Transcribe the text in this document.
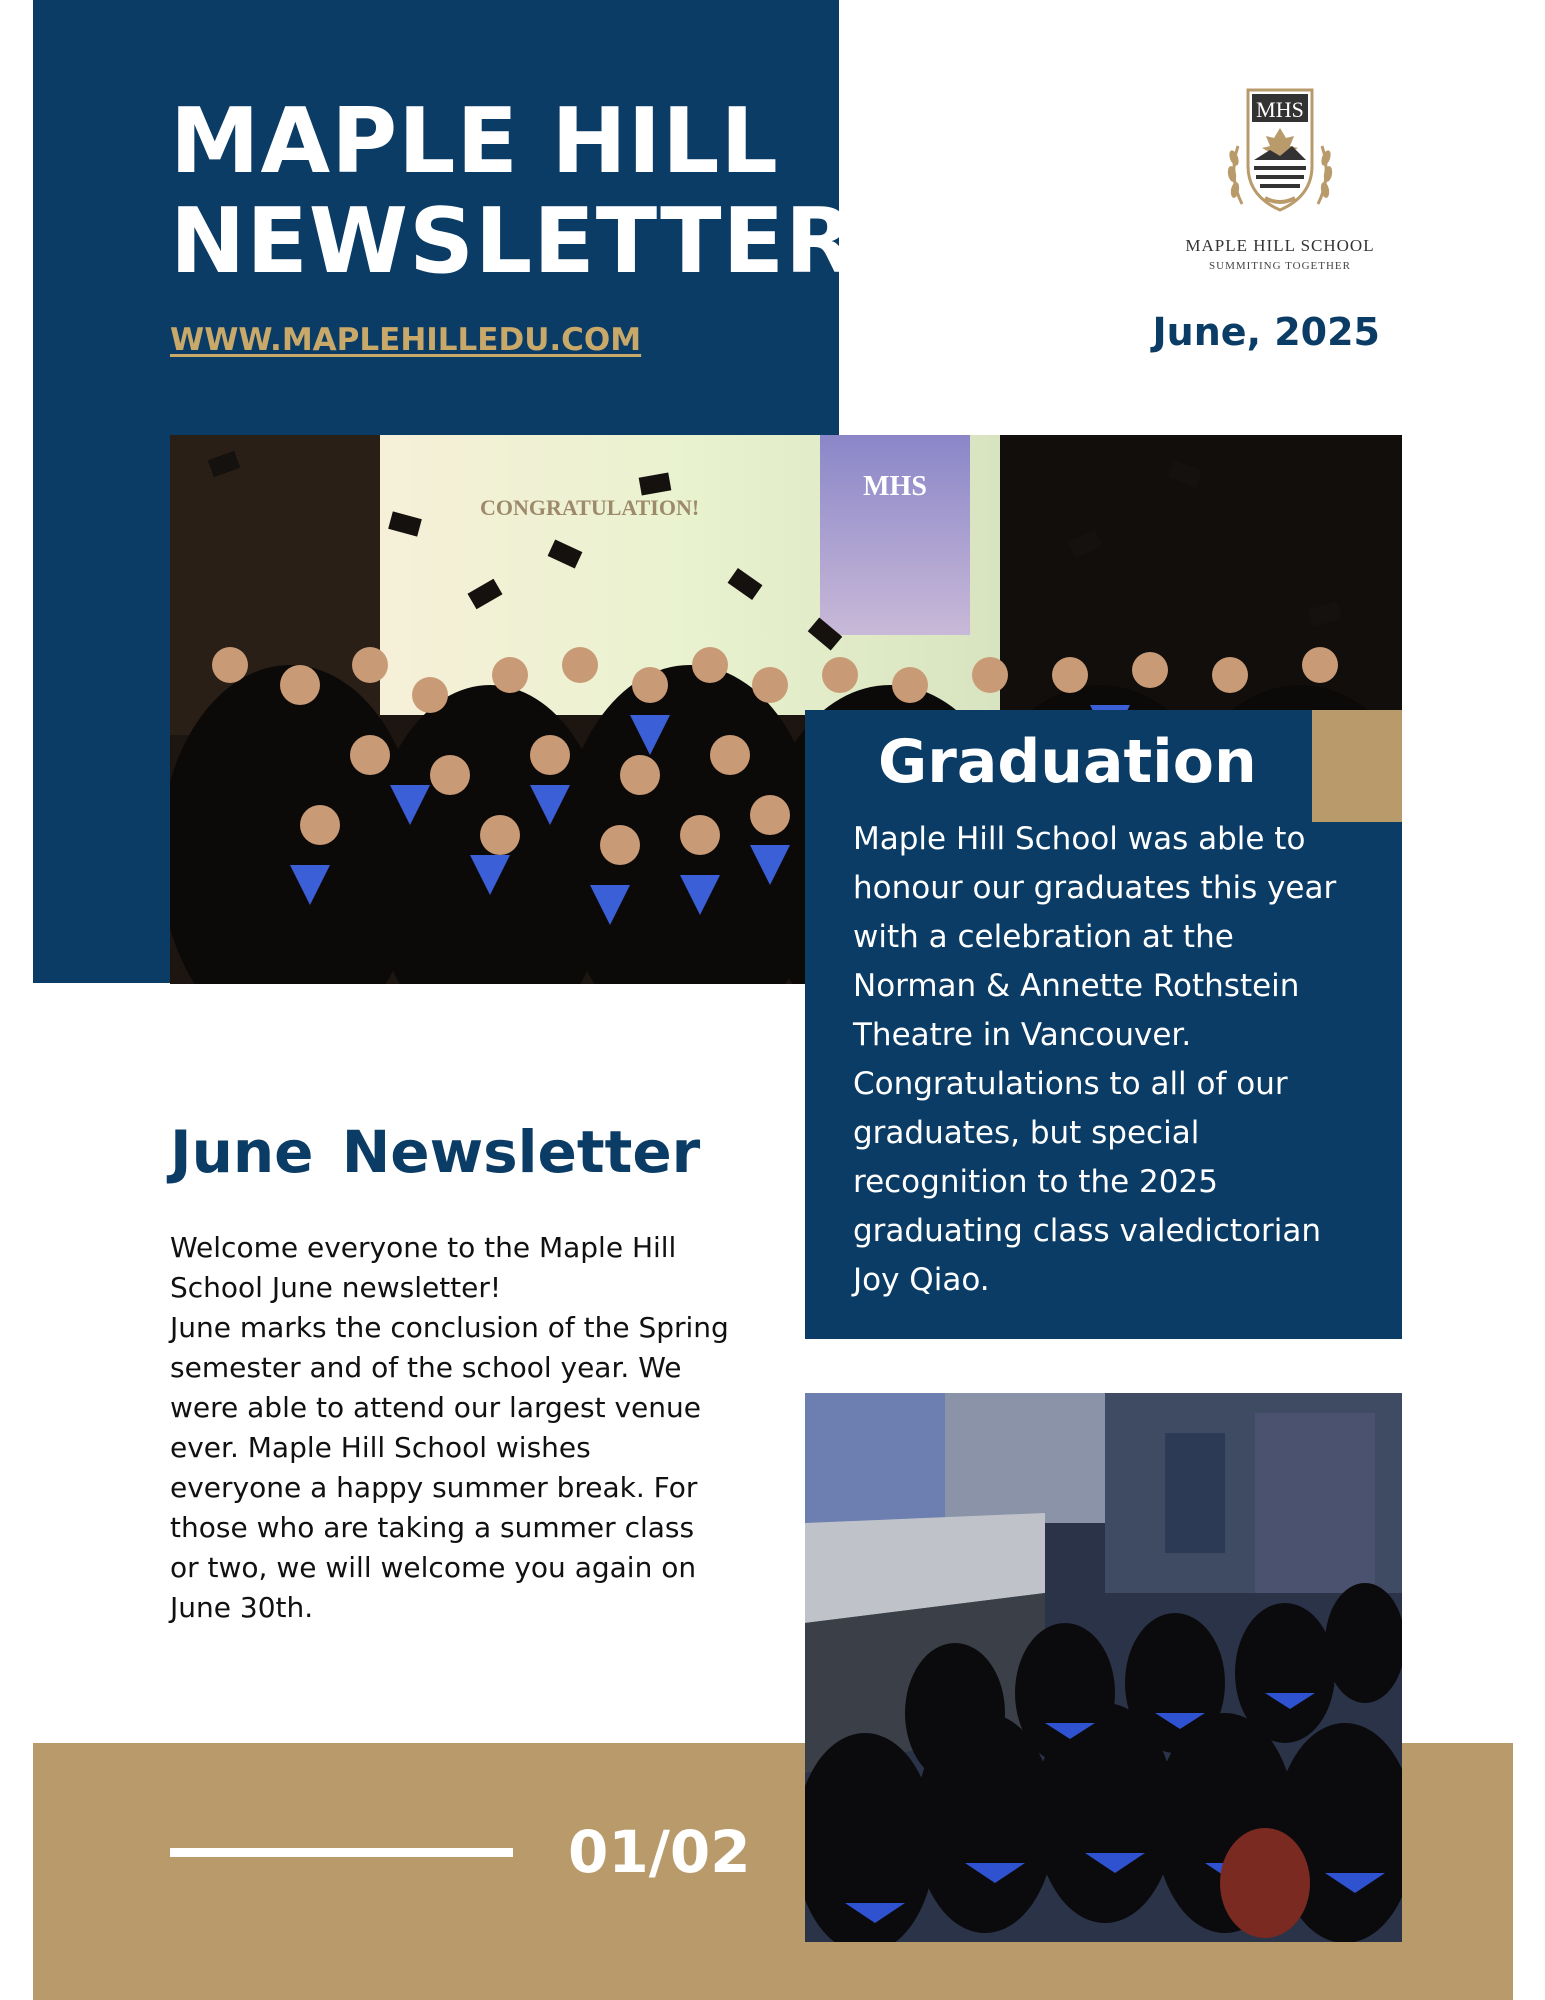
MAPLE HILL
NEWSLETTER
WWW.MAPLEHILLEDU.COM
MHS
MAPLE HILL SCHOOL
SUMMITING TOGETHER
June, 2025
CONGRATULATION!
MHS
Graduation

Maple Hill School was able to honour our graduates this year with a celebration at the Norman & Annette Rothstein Theatre in Vancouver. Congratulations to all of our graduates, but special recognition to the 2025 graduating class valedictorian Joy Qiao.

June Newsletter

Welcome everyone to the Maple Hill School June newsletter!

June marks the conclusion of the Spring semester and of the school year. We were able to attend our largest venue ever. Maple Hill School wishes everyone a happy summer break. For those who are taking a summer class or two, we will welcome you again on June 30th.

01/02
